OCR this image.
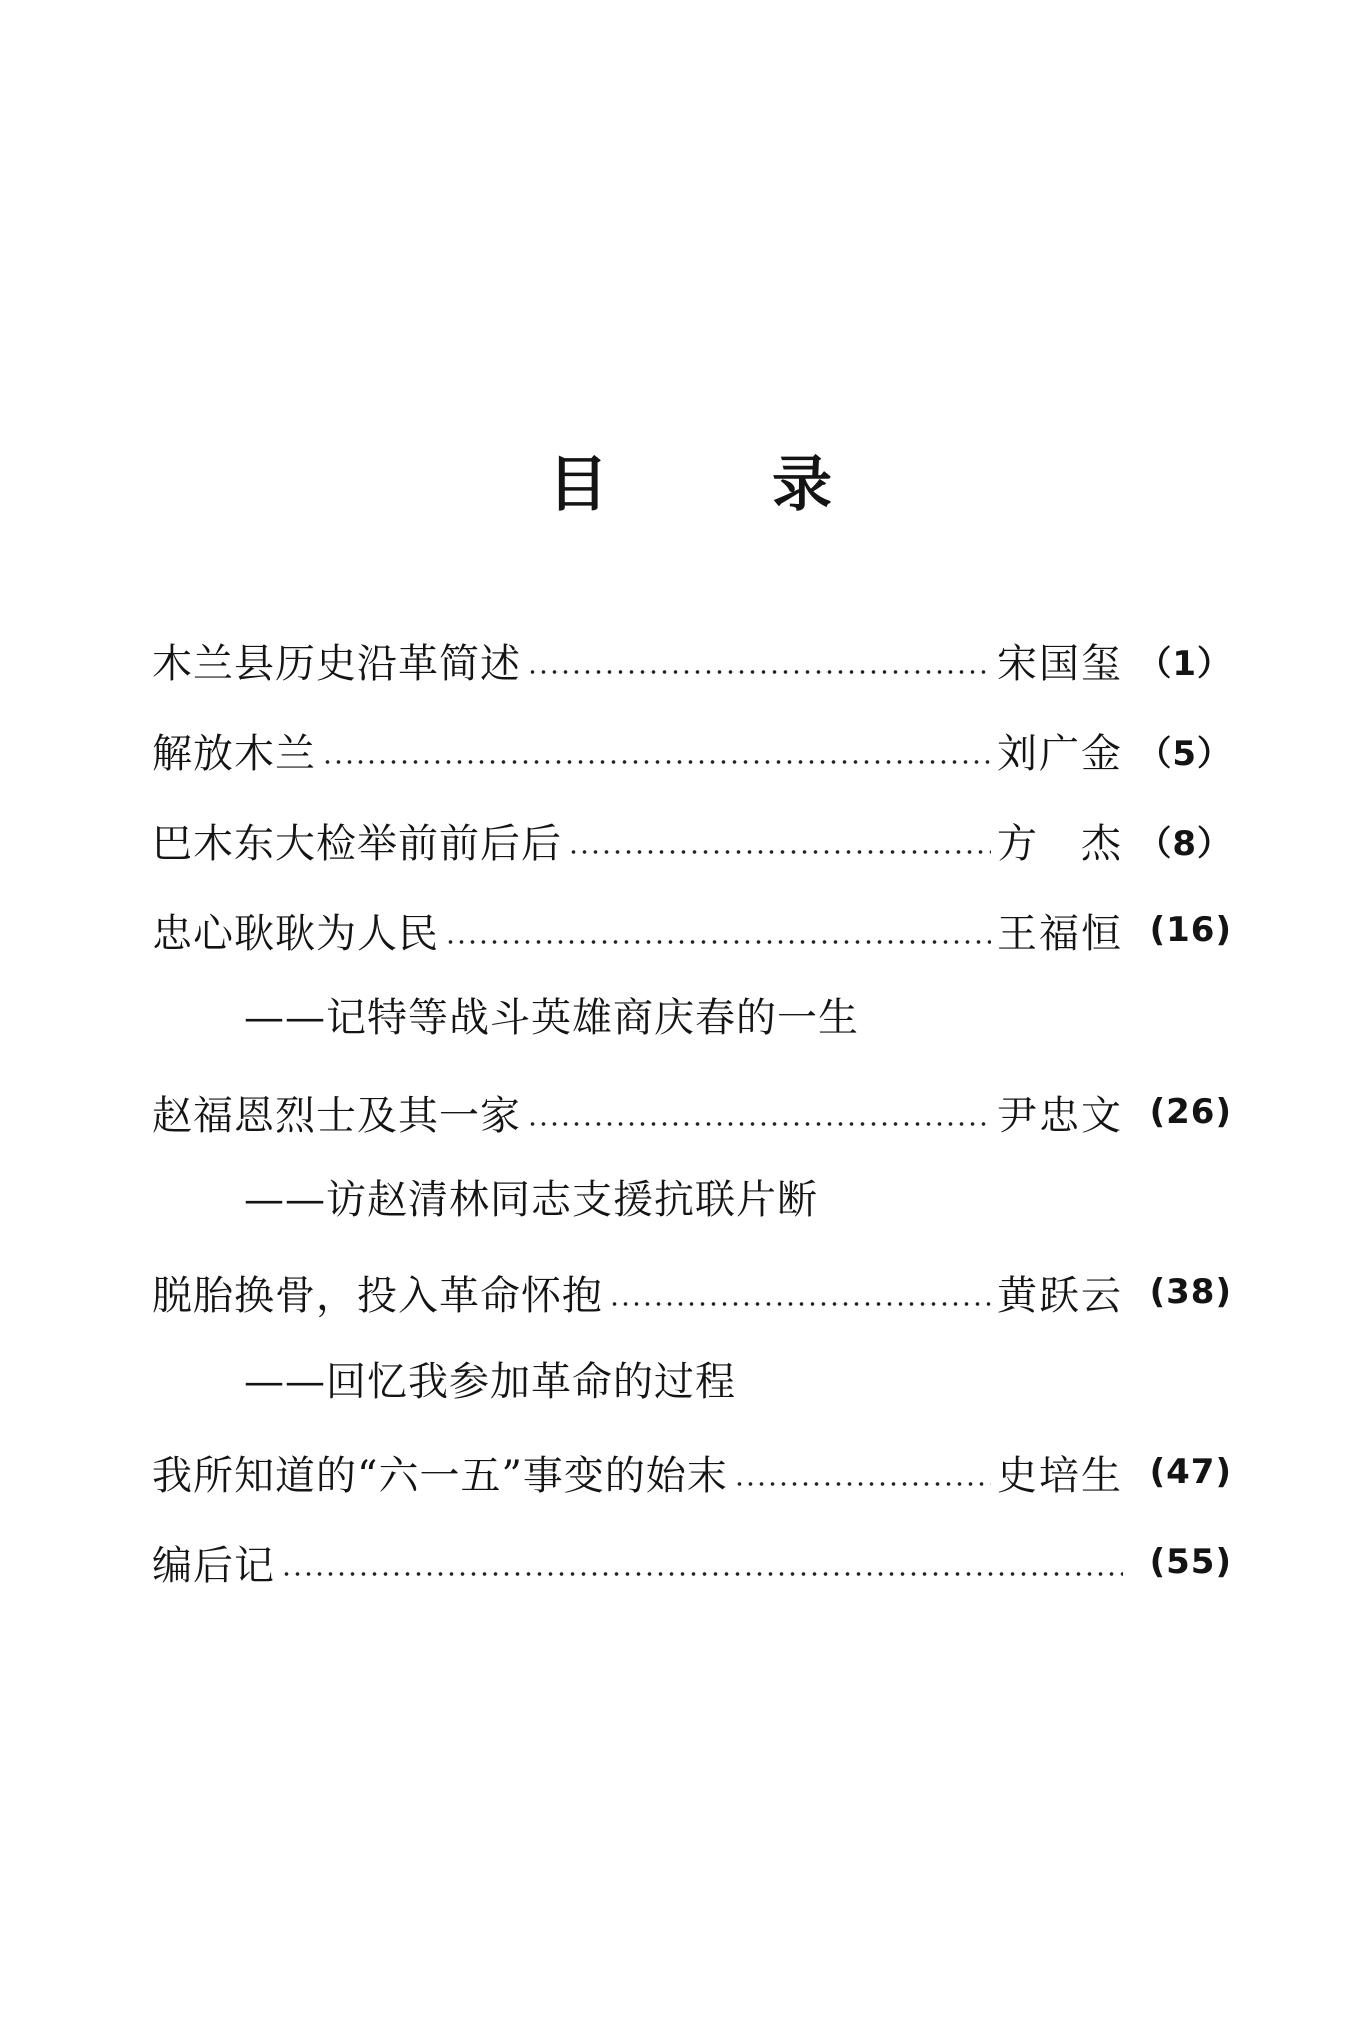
目	录
木兰县历史沿革简述	宋国玺 （1）
解放木兰	刘广金 （5）
巴木东大检举前前后后	方　杰 （8）
忠心耿耿为人民	王福恒 (16)
——记特等战斗英雄商庆春的一生
赵福恩烈士及其一家	尹忠文 (26)
——访赵清林同志支援抗联片断
脱胎换骨，投入革命怀抱	黄跃云 (38)
——回忆我参加革命的过程
我所知道的“六一五”事变的始末	史培生 (47)
编后记	(55)
